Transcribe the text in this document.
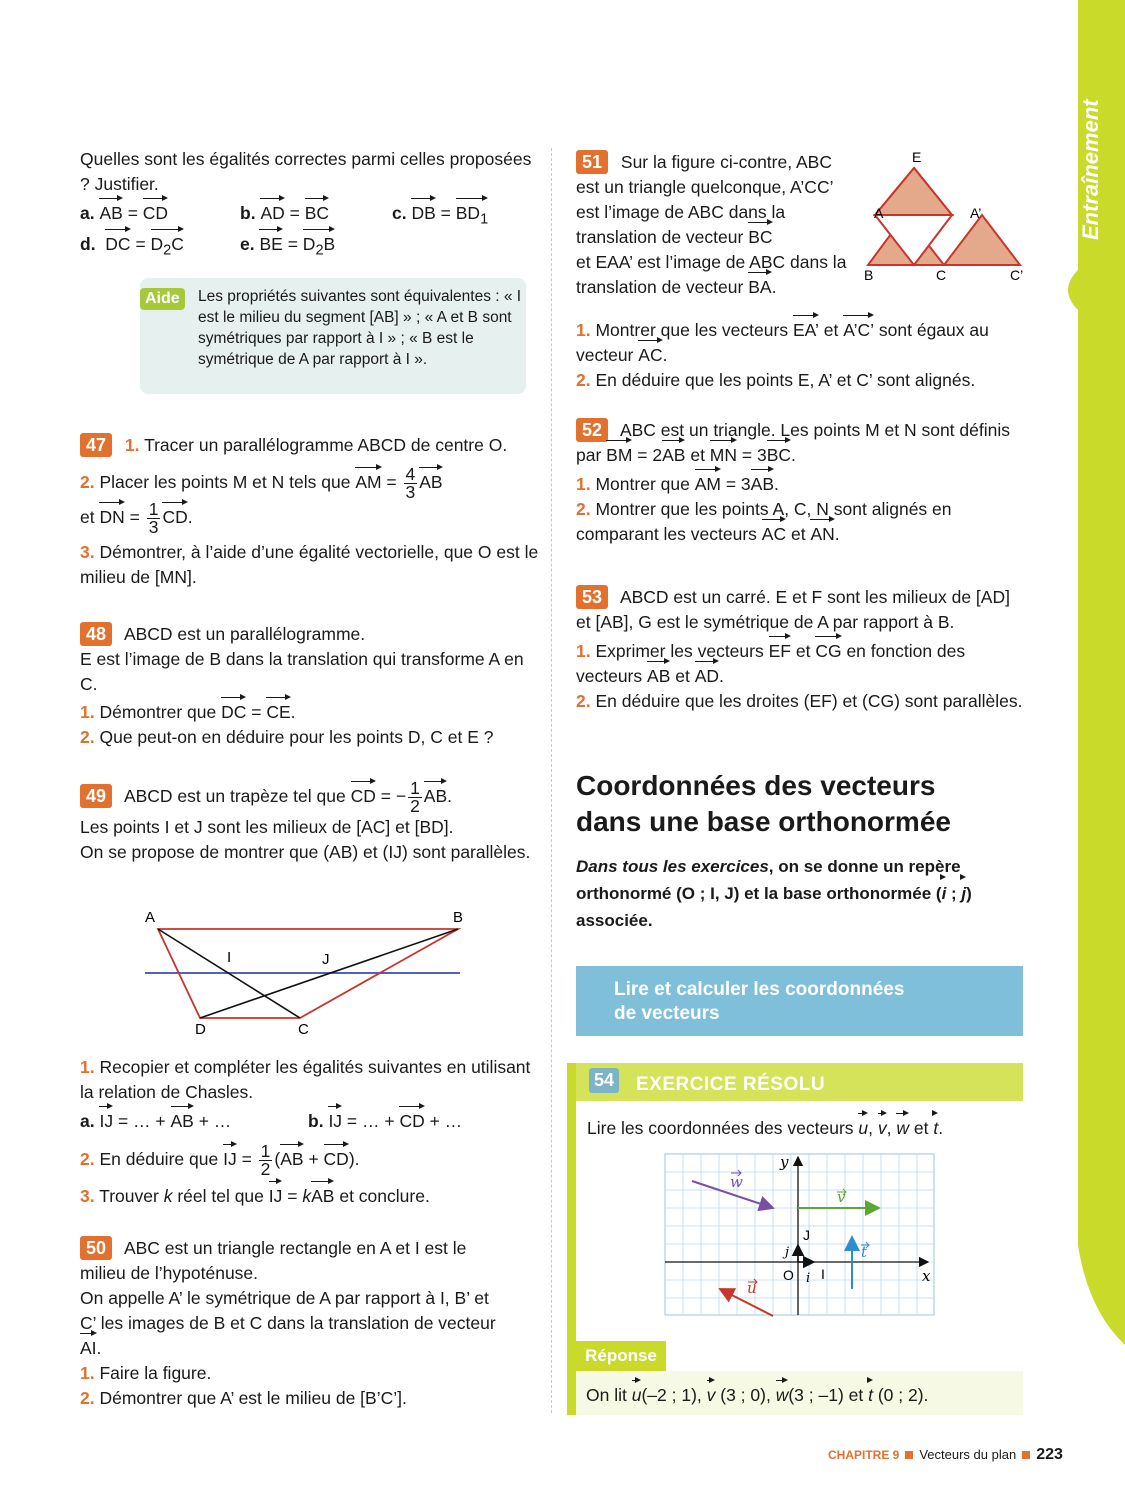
Entraînement

Quelles sont les égalités correctes parmi celles proposées ? Justifier.

a. AB = CD	b. AD = BC	c. DB = $BD_1$
d. DC = $D_2C$	e. BE = $D_2B$
Aide	Les propriétés suivantes sont équivalentes : « I est le milieu du segment [AB] » ; « A et B sont symétriques par rapport à I » ; « B est le symétrique de A par rapport à I ».

47 1. Tracer un parallélogramme ABCD de centre O.

2. Placer les points M et N tels que AM = $\frac{4}{3}$ AB

et DN = $\frac{1}{3}$ CD.

3. Démontrer, à l’aide d’une égalité vectorielle, que O est le milieu de [MN].

48 ABCD est un parallélogramme.

E est l’image de B dans la translation qui transforme A en C.

1. Démontrer que DC = CE.

2. Que peut-on en déduire pour les points D, C et E ?

49 ABCD est un trapèze tel que CD = − $\frac{1}{2}$ AB.

Les points I et J sont les milieux de [AC] et [BD].

On se propose de montrer que (AB) et (IJ) sont parallèles.

A	B
D	C
I	J

1. Recopier et compléter les égalités suivantes en utilisant la relation de Chasles.

a. IJ = … + AB + …	b. IJ = … + CD + …

2. En déduire que IJ = $\frac{1}{2} (AB + CD)$.

3. Trouver k réel tel que IJ = kAB et conclure.

50 ABC est un triangle rectangle en A et I est le milieu de l’hypoténuse.

On appelle A’ le symétrique de A par rapport à I, B’ et C’ les images de B et C dans la translation de vecteur AI.

1. Faire la figure.

2. Démontrer que A’ est le milieu de [B’C’].

51 Sur la figure ci-contre, ABC est un triangle quelconque, A’CC’ est l’image de ABC dans la translation de vecteur BC

et EAA’ est l’image de ABC dans la translation de vecteur BA.

E
A	A’
B	C	C’

1. Montrer que les vecteurs EA’ et A’C’ sont égaux au vecteur AC.

2. En déduire que les points E, A’ et C’ sont alignés.

52 ABC est un triangle. Les points M et N sont définis par BM = 2AB et MN = 3BC.

1. Montrer que AM = 3AB.

2. Montrer que les points A, C, N sont alignés en comparant les vecteurs AC et AN.

53 ABCD est un carré. E et F sont les milieux de [AD] et [AB], G est le symétrique de A par rapport à B.

1. Exprimer les vecteurs EF et CG en fonction des vecteurs AB et AD.

2. En déduire que les droites (EF) et (CG) sont parallèles.

Coordonnées des vecteurs
dans une base orthonormée

Dans tous les exercices, on se donne un repère orthonormé (O ; I, J) et la base orthonormée (i ; j) associée.

Lire et calculer les coordonnées
de vecteurs

54 EXERCICE RÉSOLU

Lire les coordonnées des vecteurs u, v, w et t.

x
y
w
v
t
u
i
j
O I
J
Réponse

On lit u(–2 ; 1), v (3 ; 0), w(3 ; –1) et t (0 ; 2).

CHAPITRE 9 Vecteurs du plan 223
